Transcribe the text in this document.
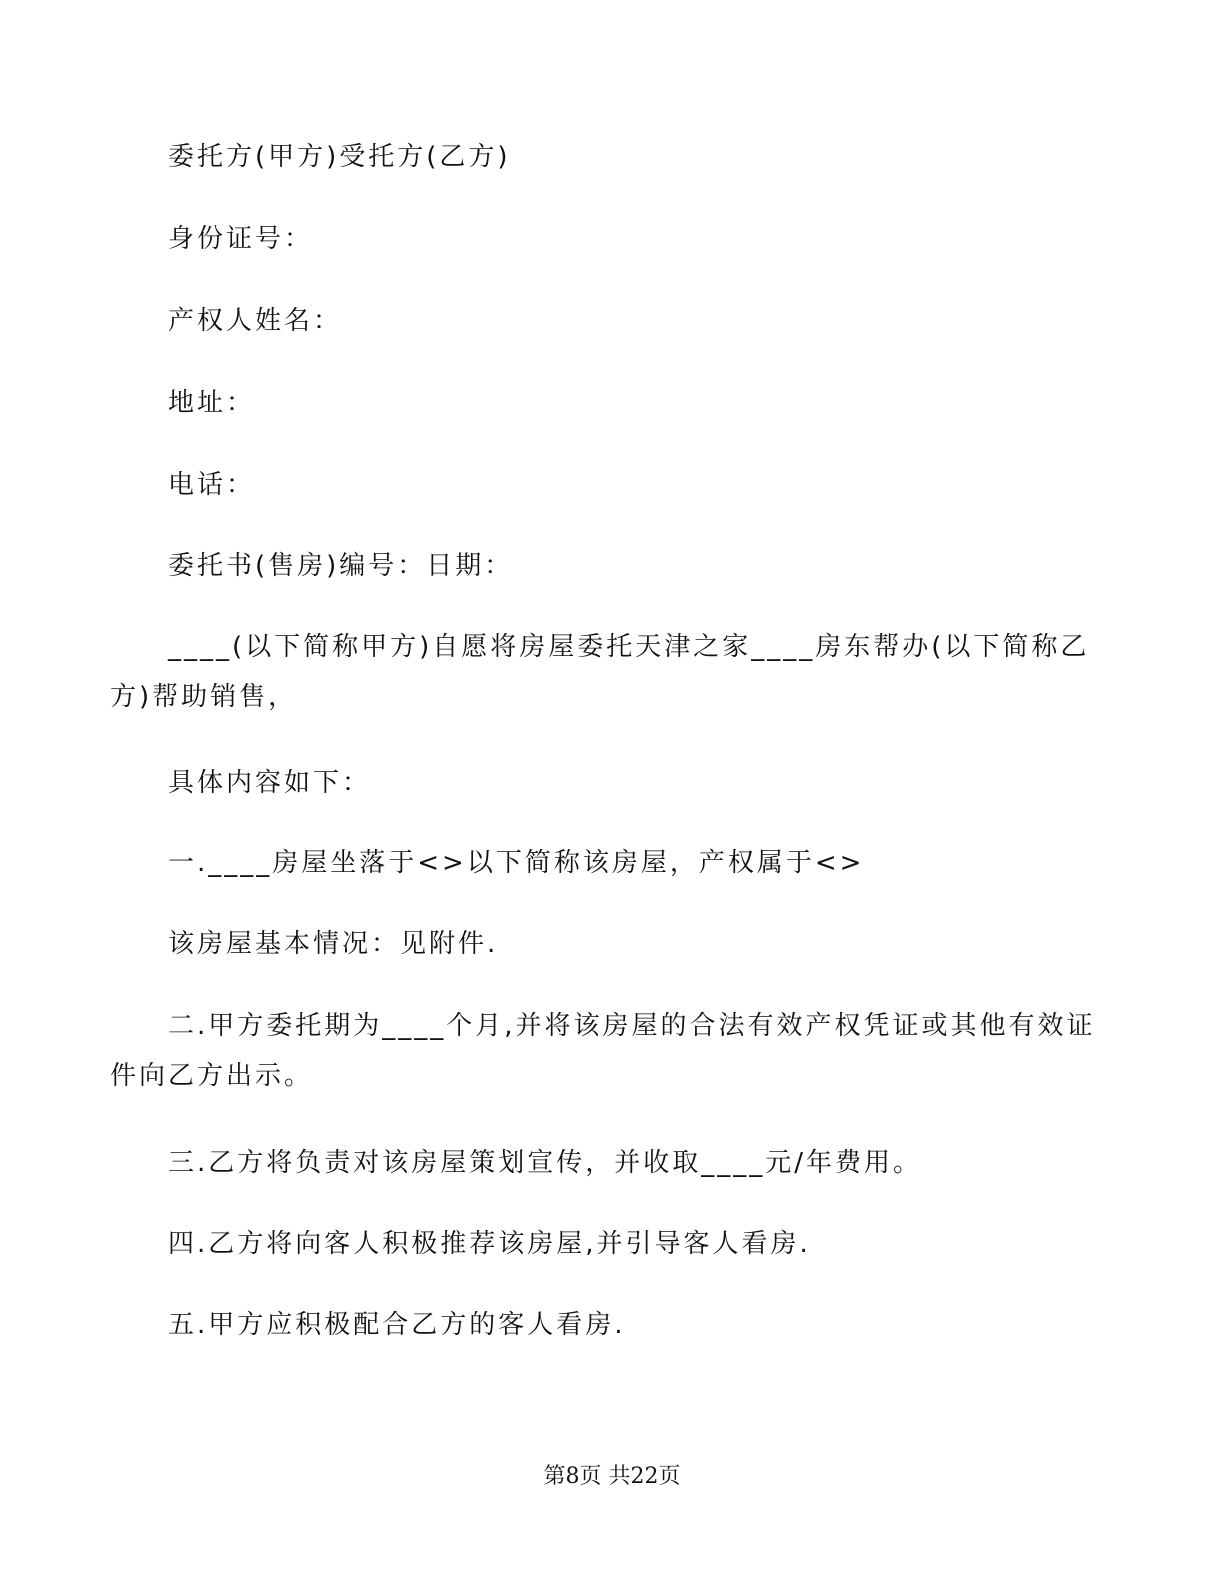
委托方(甲方)受托方(乙方)

身份证号：

产权人姓名：

地址：

电话：

委托书(售房)编号：日期：

____(以下简称甲方)自愿将房屋委托天津之家____房东帮办(以下简称乙方)帮助销售，

具体内容如下：

一.____房屋坐落于<>以下简称该房屋，产权属于<>

该房屋基本情况：见附件.

二.甲方委托期为____个月,并将该房屋的合法有效产权凭证或其他有效证件向乙方出示。

三.乙方将负责对该房屋策划宣传，并收取____元/年费用。

四.乙方将向客人积极推荐该房屋,并引导客人看房.

五.甲方应积极配合乙方的客人看房.

第8页 共22页
